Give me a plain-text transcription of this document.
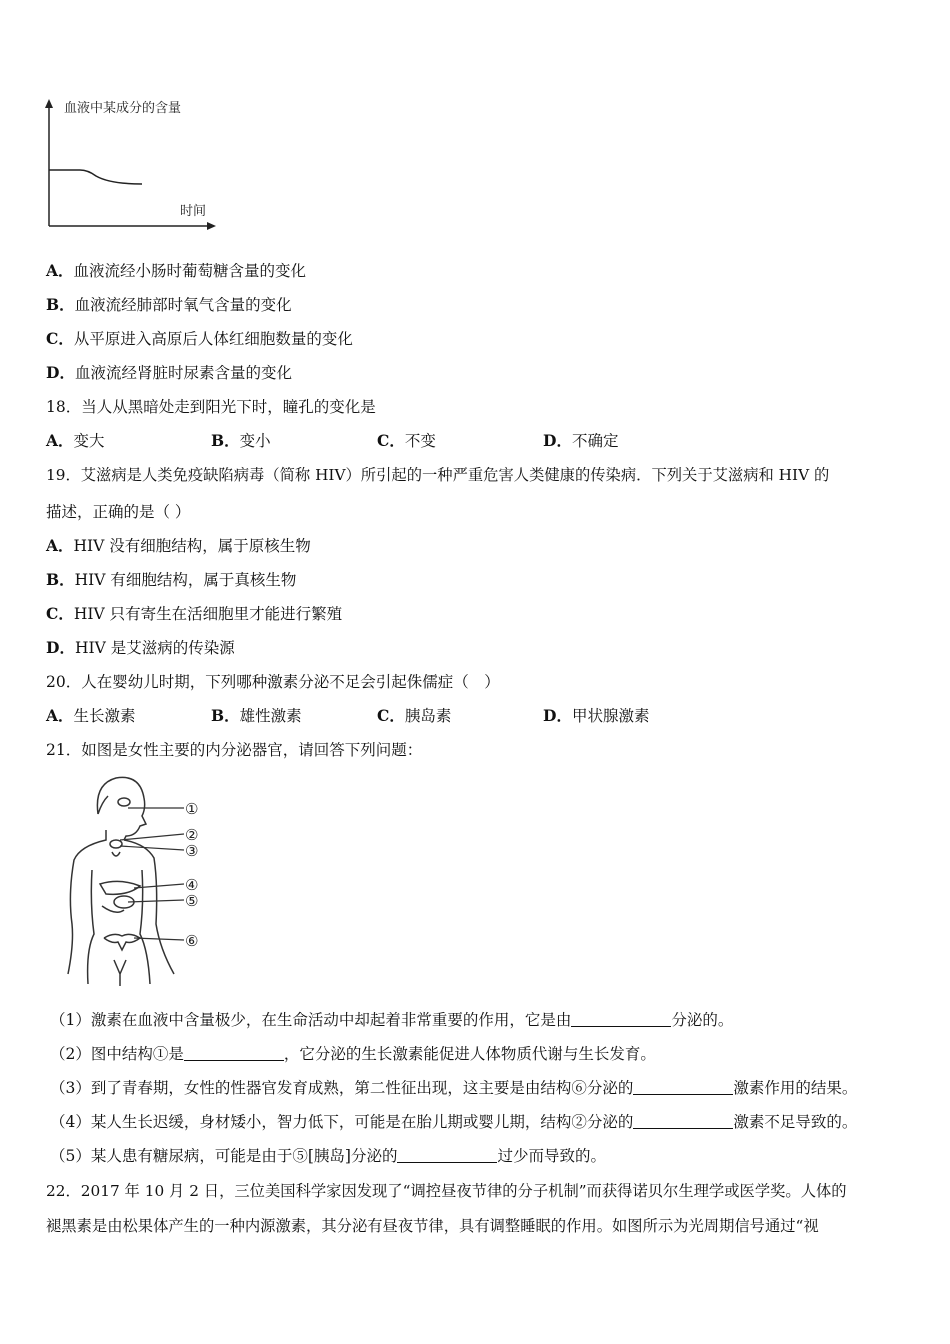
血液中某成分的含量
时间
A．血液流经小肠时葡萄糖含量的变化
B．血液流经肺部时氧气含量的变化
C．从平原进入高原后人体红细胞数量的变化
D．血液流经肾脏时尿素含量的变化
18．当人从黑暗处走到阳光下时，瞳孔的变化是
A．变大	B．变小	C．不变	D．不确定
19．艾滋病是人类免疫缺陷病毒（简称 HIV）所引起的一种严重危害人类健康的传染病．下列关于艾滋病和 HIV 的
描述，正确的是（ ）
A．HIV 没有细胞结构，属于原核生物
B．HIV 有细胞结构，属于真核生物
C．HIV 只有寄生在活细胞里才能进行繁殖
D．HIV 是艾滋病的传染源
20．人在婴幼儿时期，下列哪种激素分泌不足会引起侏儒症（　）
A．生长激素	B．雄性激素	C．胰岛素	D．甲状腺激素
21．如图是女性主要的内分泌器官，请回答下列问题：
①
②
③
④
⑤
⑥
（1）激素在血液中含量极少，在生命活动中却起着非常重要的作用，它是由	分泌的。
（2）图中结构①是	，它分泌的生长激素能促进人体物质代谢与生长发育。
（3）到了青春期，女性的性器官发育成熟，第二性征出现，这主要是由结构⑥分泌的	激素作用的结果。
（4）某人生长迟缓，身材矮小，智力低下，可能是在胎儿期或婴儿期，结构②分泌的	激素不足导致的。
（5）某人患有糖尿病，可能是由于⑤[胰岛]分泌的	过少而导致的。
22．2017 年 10 月 2 日，三位美国科学家因发现了“调控昼夜节律的分子机制”而获得诺贝尔生理学或医学奖。人体的
褪黑素是由松果体产生的一种内源激素，其分泌有昼夜节律，具有调整睡眠的作用。如图所示为光周期信号通过“视
